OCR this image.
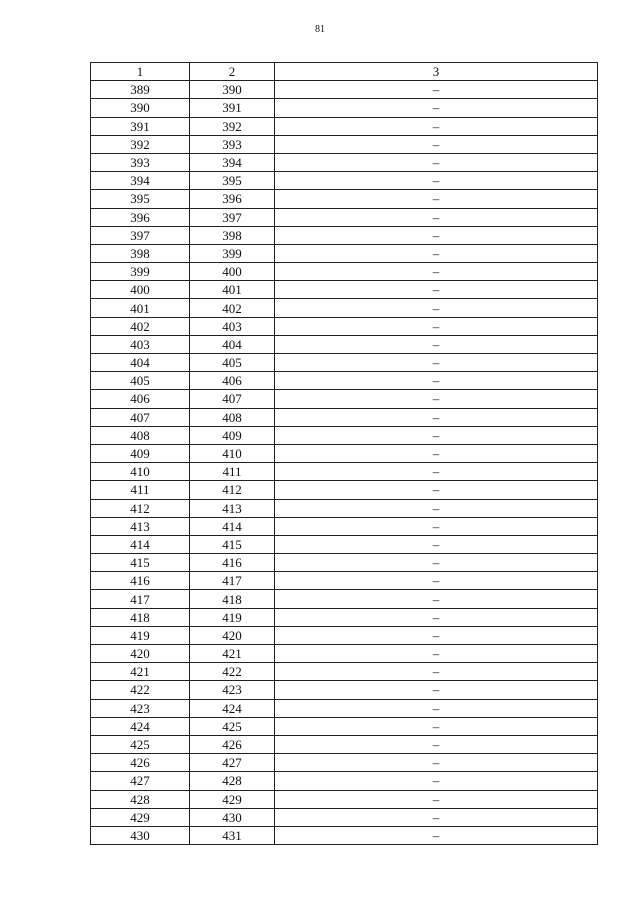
81
1	2	3
389	390	–
390	391	–
391	392	–
392	393	–
393	394	–
394	395	–
395	396	–
396	397	–
397	398	–
398	399	–
399	400	–
400	401	–
401	402	–
402	403	–
403	404	–
404	405	–
405	406	–
406	407	–
407	408	–
408	409	–
409	410	–
410	411	–
411	412	–
412	413	–
413	414	–
414	415	–
415	416	–
416	417	–
417	418	–
418	419	–
419	420	–
420	421	–
421	422	–
422	423	–
423	424	–
424	425	–
425	426	–
426	427	–
427	428	–
428	429	–
429	430	–
430	431	–
